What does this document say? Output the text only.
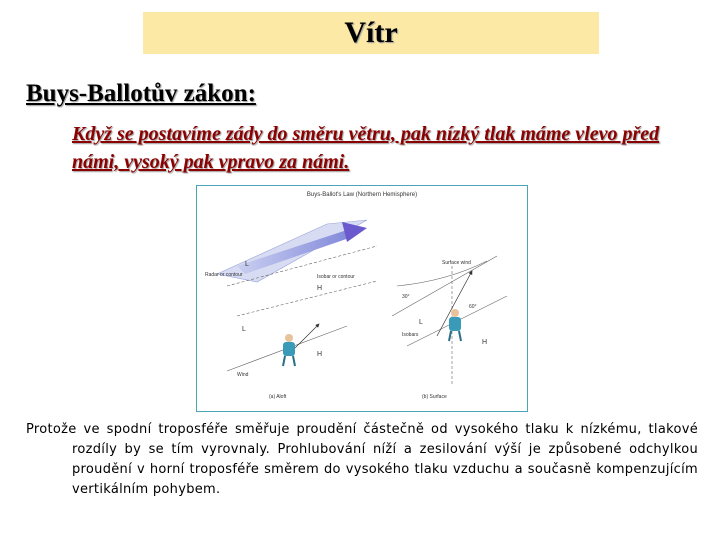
Vítr
Buys-Ballotův zákon:
Když se postavíme zády do směru větru, pak nízký tlak máme vlevo před námi, vysoký pak vpravo za námi.
Buys-Ballot's Law (Northern Hemisphere)
Radar or contour
L
Isobar or contour
H
L
H
Wind
Surface wind
30°
60°
Isobars
L
H
(a) Aloft	(b) Surface
Protože ve spodní troposféře směřuje proudění částečně od vysokého tlaku k nízkému, tlakové rozdíly by se tím vyrovnaly. Prohlubování níží a zesilování výší je způsobené odchylkou proudění v horní troposféře směrem do vysokého tlaku vzduchu a současně kompenzujícím vertikálním pohybem.
